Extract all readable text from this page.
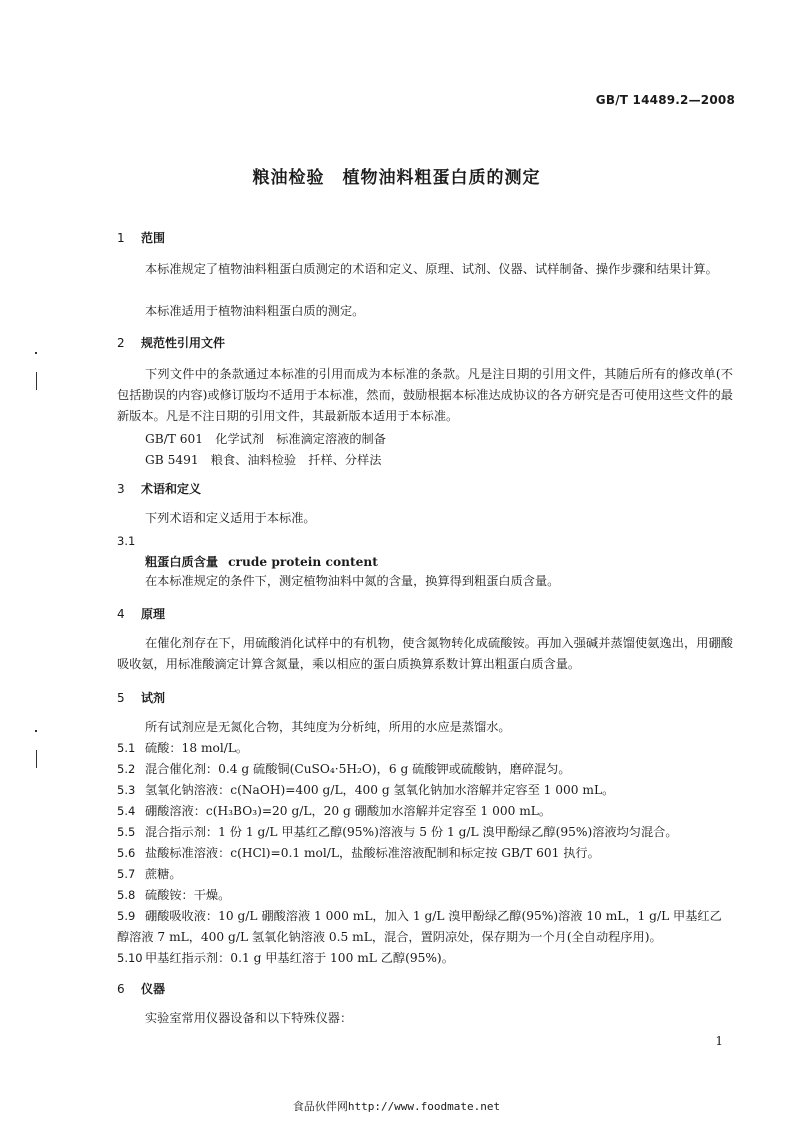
GB/T 14489.2—2008
粮油检验　植物油料粗蛋白质的测定
1 范围
本标准规定了植物油料粗蛋白质测定的术语和定义、原理、试剂、仪器、试样制备、操作步骤和结果计算。
本标准适用于植物油料粗蛋白质的测定。
2 规范性引用文件
下列文件中的条款通过本标准的引用而成为本标准的条款。凡是注日期的引用文件，其随后所有的修改单(不包括勘误的内容)或修订版均不适用于本标准，然而，鼓励根据本标准达成协议的各方研究是否可使用这些文件的最新版本。凡是不注日期的引用文件，其最新版本适用于本标准。
GB/T 601　化学试剂　标准滴定溶液的制备
GB 5491　粮食、油料检验　扦样、分样法
3 术语和定义
下列术语和定义适用于本标准。
3.1
粗蛋白质含量 crude protein content
在本标准规定的条件下，测定植物油料中氮的含量，换算得到粗蛋白质含量。
4 原理
在催化剂存在下，用硫酸消化试样中的有机物，使含氮物转化成硫酸铵。再加入强碱并蒸馏使氨逸出，用硼酸吸收氨，用标准酸滴定计算含氮量，乘以相应的蛋白质换算系数计算出粗蛋白质含量。
5 试剂
所有试剂应是无氮化合物，其纯度为分析纯，所用的水应是蒸馏水。
5.1 硫酸：18 mol/L。
5.2 混合催化剂：0.4 g 硫酸铜(CuSO₄·5H₂O)，6 g 硫酸钾或硫酸钠，磨碎混匀。
5.3 氢氧化钠溶液：c(NaOH)=400 g/L，400 g 氢氧化钠加水溶解并定容至 1 000 mL。
5.4 硼酸溶液：c(H₃BO₃)=20 g/L，20 g 硼酸加水溶解并定容至 1 000 mL。
5.5 混合指示剂：1 份 1 g/L 甲基红乙醇(95%)溶液与 5 份 1 g/L 溴甲酚绿乙醇(95%)溶液均匀混合。
5.6 盐酸标准溶液：c(HCl)=0.1 mol/L，盐酸标准溶液配制和标定按 GB/T 601 执行。
5.7 蔗糖。
5.8 硫酸铵：干燥。
5.9 硼酸吸收液：10 g/L 硼酸溶液 1 000 mL，加入 1 g/L 溴甲酚绿乙醇(95%)溶液 10 mL，1 g/L 甲基红乙醇溶液 7 mL，400 g/L 氢氧化钠溶液 0.5 mL，混合，置阴凉处，保存期为一个月(全自动程序用)。
5.10 甲基红指示剂：0.1 g 甲基红溶于 100 mL 乙醇(95%)。
6 仪器
实验室常用仪器设备和以下特殊仪器：
1
食品伙伴网http://www.foodmate.net
